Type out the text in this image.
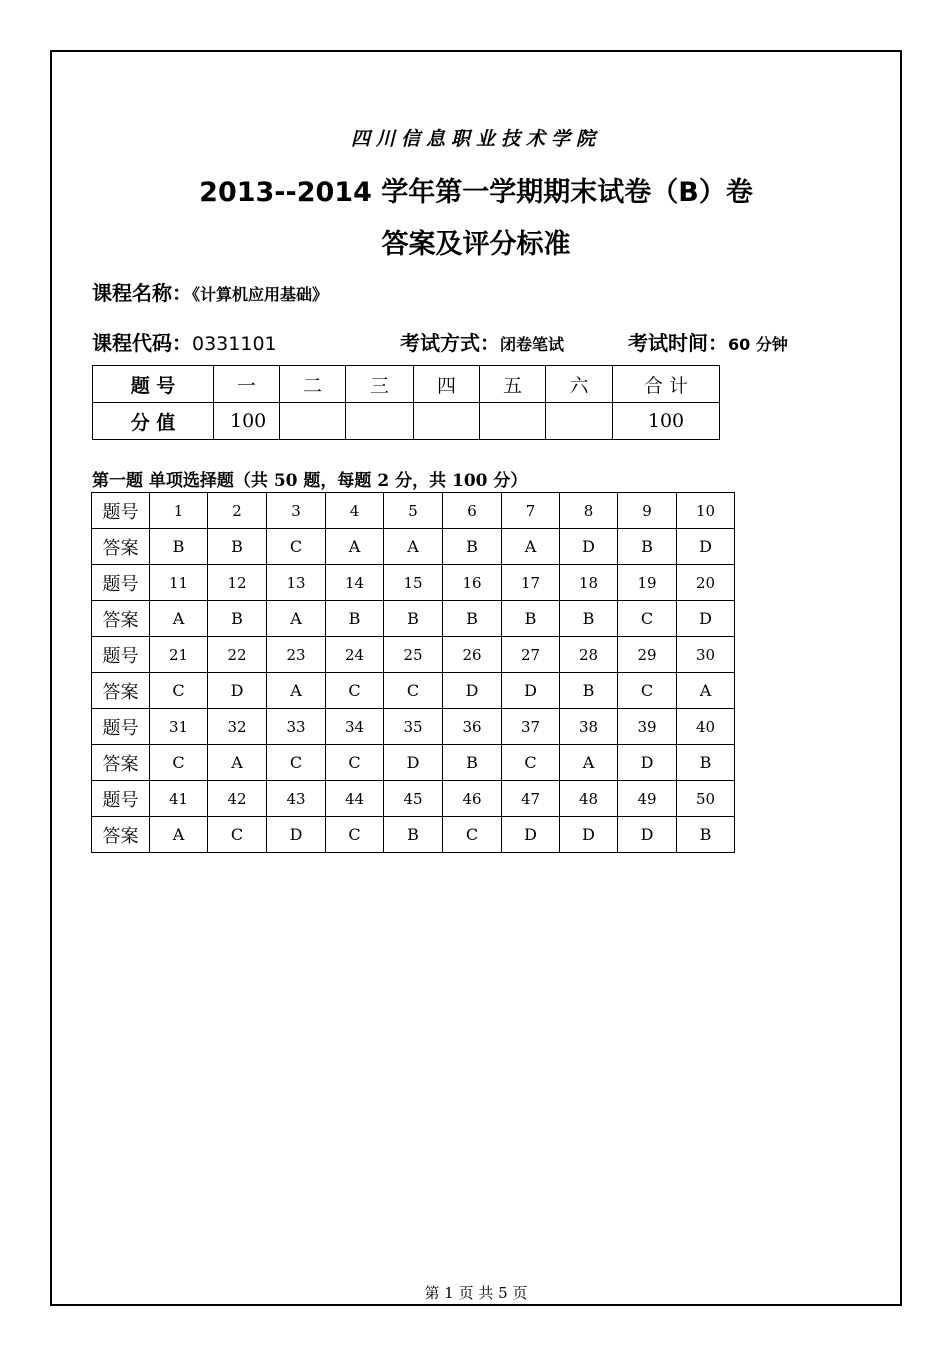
四川信息职业技术学院
2013--2014 学年第一学期期末试卷（B）卷
答案及评分标准
课程名称：《计算机应用基础》
课程代码：0331101	考试方式：闭卷笔试	考试时间：60 分钟
题 号	一	二	三	四	五	六	合 计
分 值	100						100
第一题 单项选择题（共 50 题，每题 2 分，共 100 分）
题号	1	2	3	4	5	6	7	8	9	10
答案	B	B	C	A	A	B	A	D	B	D
题号	11	12	13	14	15	16	17	18	19	20
答案	A	B	A	B	B	B	B	B	C	D
题号	21	22	23	24	25	26	27	28	29	30
答案	C	D	A	C	C	D	D	B	C	A
题号	31	32	33	34	35	36	37	38	39	40
答案	C	A	C	C	D	B	C	A	D	B
题号	41	42	43	44	45	46	47	48	49	50
答案	A	C	D	C	B	C	D	D	D	B
第 1 页 共 5 页
